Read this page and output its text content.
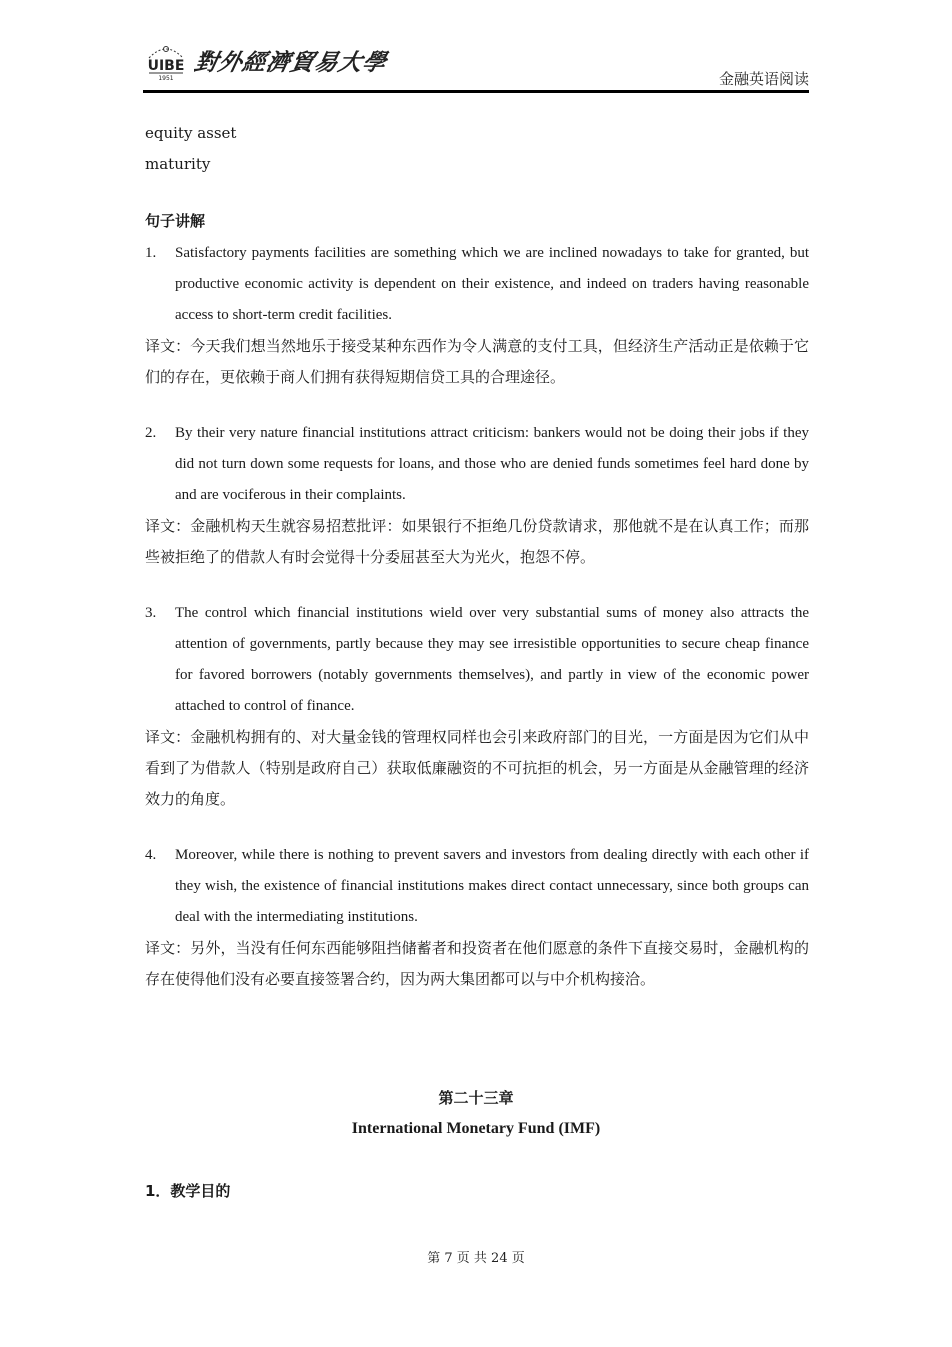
UIBE
1951
對外經濟貿易大學
金融英语阅读
equity asset
maturity
句子讲解
1. Satisfactory payments facilities are something which we are inclined nowadays to take for granted, but productive economic activity is dependent on their existence, and indeed on traders having reasonable access to short-term credit facilities.
译文：今天我们想当然地乐于接受某种东西作为令人满意的支付工具，但经济生产活动正是依赖于它们的存在，更依赖于商人们拥有获得短期信贷工具的合理途径。
2. By their very nature financial institutions attract criticism: bankers would not be doing their jobs if they did not turn down some requests for loans, and those who are denied funds sometimes feel hard done by and are vociferous in their complaints.
译文：金融机构天生就容易招惹批评：如果银行不拒绝几份贷款请求，那他就不是在认真工作；而那些被拒绝了的借款人有时会觉得十分委屈甚至大为光火，抱怨不停。
3. The control which financial institutions wield over very substantial sums of money also attracts the attention of governments, partly because they may see irresistible opportunities to secure cheap finance for favored borrowers (notably governments themselves), and partly in view of the economic power attached to control of finance.
译文：金融机构拥有的、对大量金钱的管理权同样也会引来政府部门的目光，一方面是因为它们从中看到了为借款人（特别是政府自己）获取低廉融资的不可抗拒的机会，另一方面是从金融管理的经济效力的角度。
4. Moreover, while there is nothing to prevent savers and investors from dealing directly with each other if they wish, the existence of financial institutions makes direct contact unnecessary, since both groups can deal with the intermediating institutions.
译文：另外，当没有任何东西能够阻挡储蓄者和投资者在他们愿意的条件下直接交易时，金融机构的存在使得他们没有必要直接签署合约，因为两大集团都可以与中介机构接洽。
第二十三章
International Monetary Fund (IMF)
1．教学目的
第 7 页 共 24 页
